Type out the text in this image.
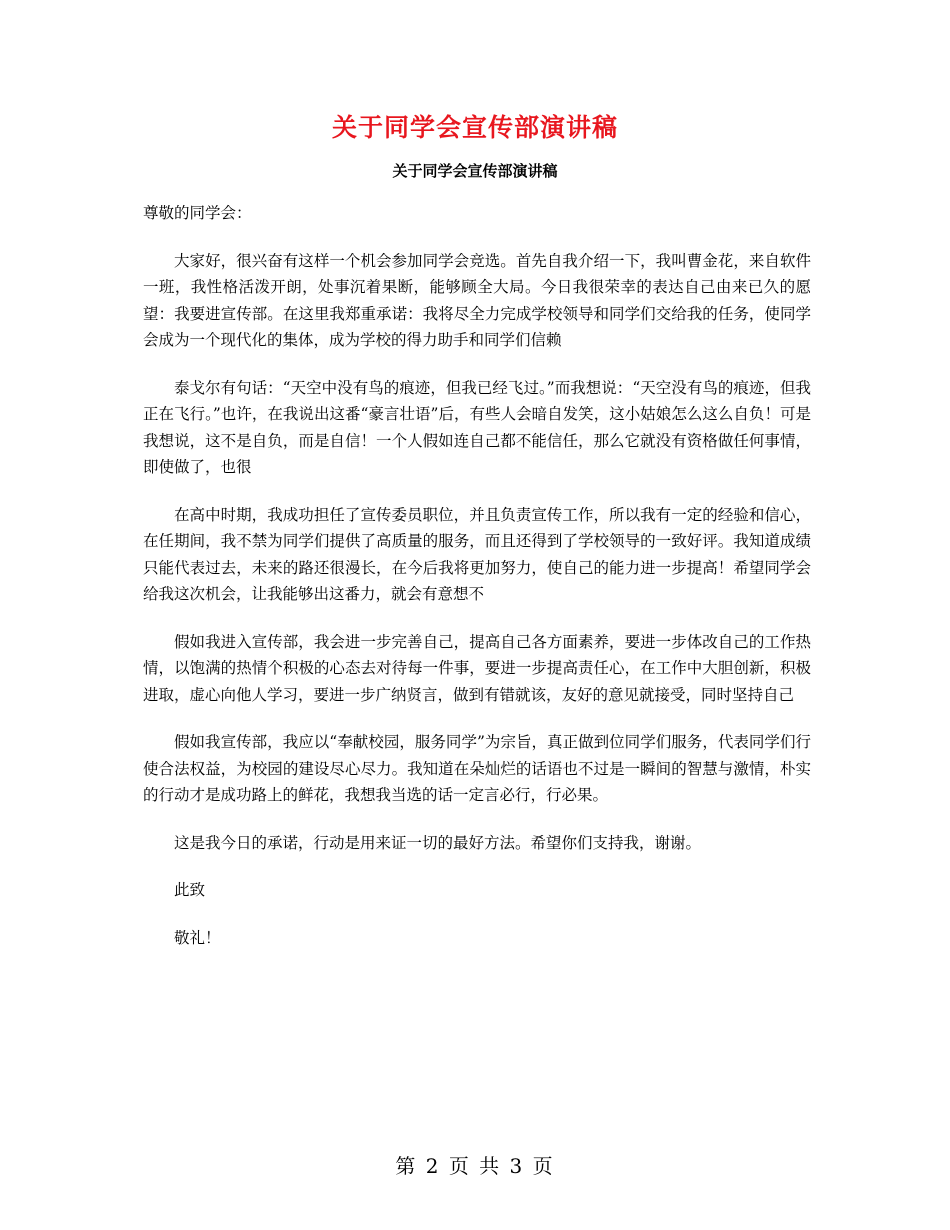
关于同学会宣传部演讲稿
关于同学会宣传部演讲稿

尊敬的同学会：

大家好，很兴奋有这样一个机会参加同学会竞选。首先自我介绍一下，我叫曹金花，来自软件一班，我性格活泼开朗，处事沉着果断，能够顾全大局。今日我很荣幸的表达自己由来已久的愿望：我要进宣传部。在这里我郑重承诺：我将尽全力完成学校领导和同学们交给我的任务，使同学会成为一个现代化的集体，成为学校的得力助手和同学们信赖

泰戈尔有句话：“天空中没有鸟的痕迹，但我已经飞过。”而我想说：“天空没有鸟的痕迹，但我正在飞行。”也许，在我说出这番“豪言壮语”后，有些人会暗自发笑，这小姑娘怎么这么自负！可是我想说，这不是自负，而是自信！一个人假如连自己都不能信任，那么它就没有资格做任何事情，即使做了，也很

在高中时期，我成功担任了宣传委员职位，并且负责宣传工作，所以我有一定的经验和信心，在任期间，我不禁为同学们提供了高质量的服务，而且还得到了学校领导的一致好评。我知道成绩只能代表过去，未来的路还很漫长，在今后我将更加努力，使自己的能力进一步提高！希望同学会给我这次机会，让我能够出这番力，就会有意想不

假如我进入宣传部，我会进一步完善自己，提高自己各方面素养，要进一步体改自己的工作热情，以饱满的热情个积极的心态去对待每一件事，要进一步提高责任心，在工作中大胆创新，积极进取，虚心向他人学习，要进一步广纳贤言，做到有错就该，友好的意见就接受，同时坚持自己

假如我宣传部，我应以“奉献校园，服务同学”为宗旨，真正做到位同学们服务，代表同学们行使合法权益，为校园的建设尽心尽力。我知道在朵灿烂的话语也不过是一瞬间的智慧与激情，朴实的行动才是成功路上的鲜花，我想我当选的话一定言必行，行必果。

这是我今日的承诺，行动是用来证一切的最好方法。希望你们支持我，谢谢。

此致

敬礼！

第 2 页 共 3 页
